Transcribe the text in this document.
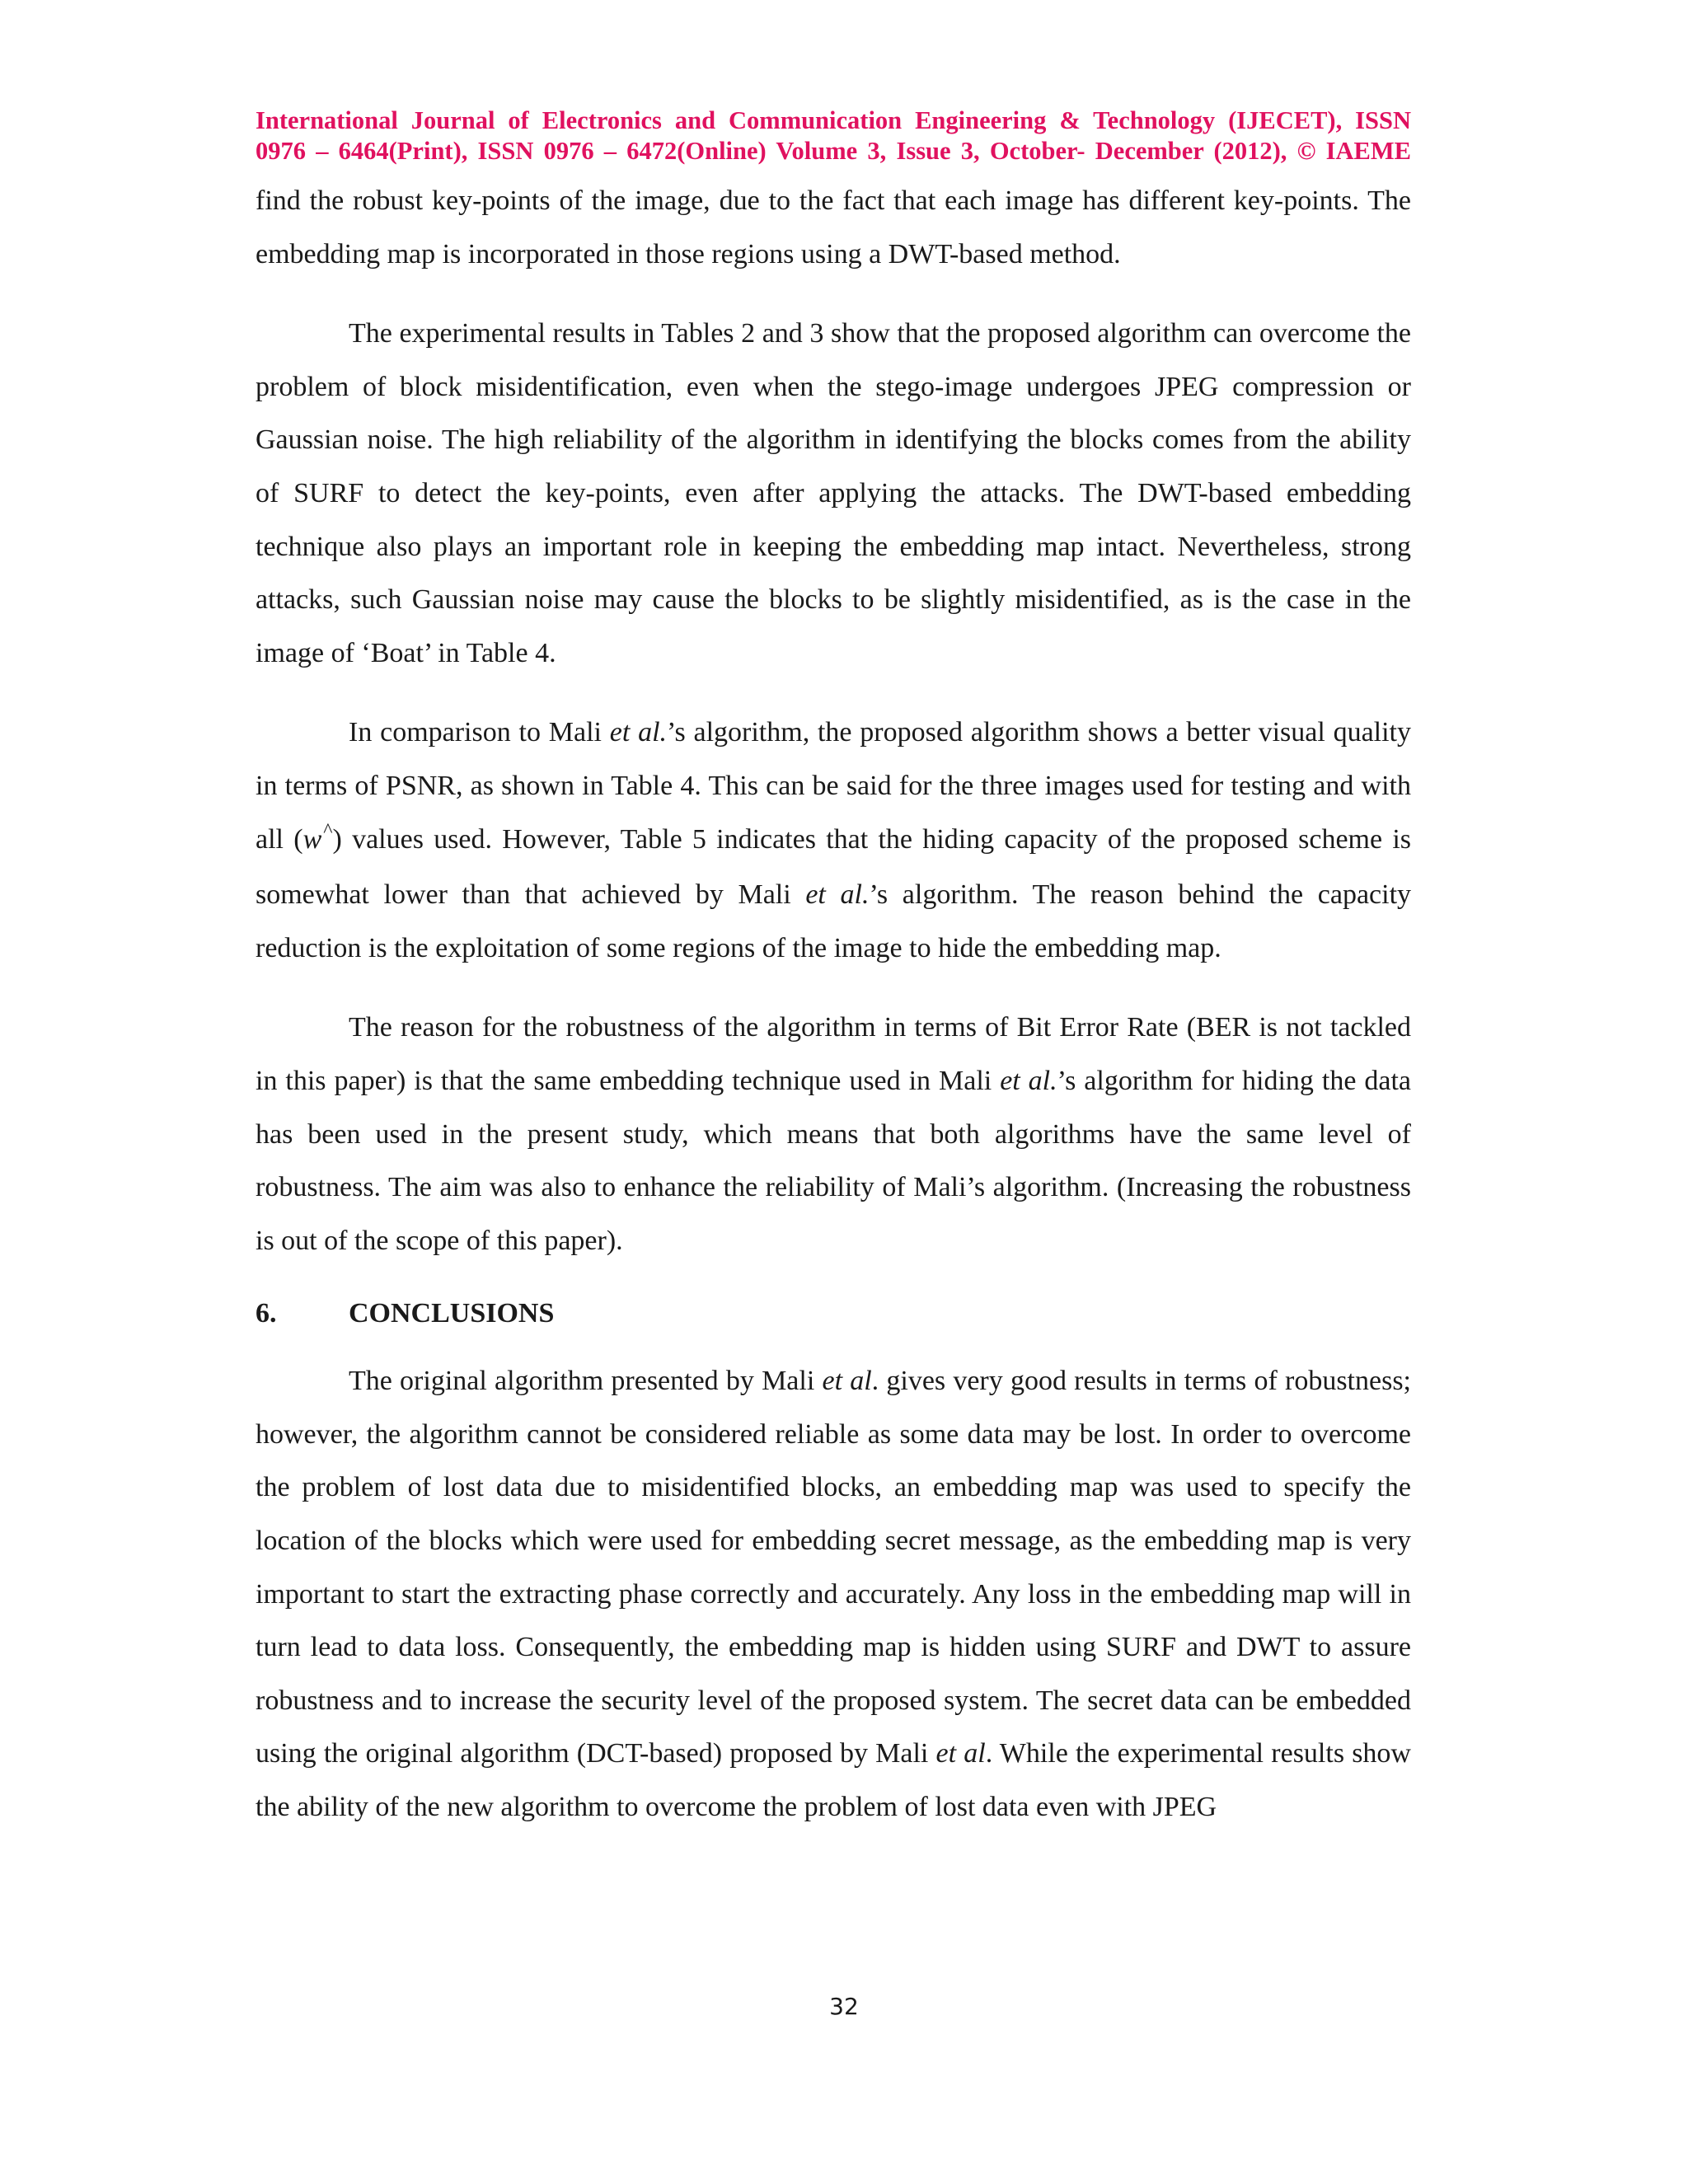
International Journal of Electronics and Communication Engineering & Technology (IJECET), ISSN
0976 – 6464(Print), ISSN 0976 – 6472(Online) Volume 3, Issue 3, October- December (2012), © IAEME

find the robust key-points of the image, due to the fact that each image has different key-points. The embedding map is incorporated in those regions using a DWT-based method.

The experimental results in Tables 2 and 3 show that the proposed algorithm can overcome the problem of block misidentification, even when the stego-image undergoes JPEG compression or Gaussian noise. The high reliability of the algorithm in identifying the blocks comes from the ability of SURF to detect the key-points, even after applying the attacks. The DWT-based embedding technique also plays an important role in keeping the embedding map intact. Nevertheless, strong attacks, such Gaussian noise may cause the blocks to be slightly misidentified, as is the case in the image of ‘Boat’ in Table 4.

In comparison to Mali et al.’s algorithm, the proposed algorithm shows a better visual quality in terms of PSNR, as shown in Table 4. This can be said for the three images used for testing and with all (w^) values used. However, Table 5 indicates that the hiding capacity of the proposed scheme is somewhat lower than that achieved by Mali et al.’s algorithm. The reason behind the capacity reduction is the exploitation of some regions of the image to hide the embedding map.

The reason for the robustness of the algorithm in terms of Bit Error Rate (BER is not tackled in this paper) is that the same embedding technique used in Mali et al.’s algorithm for hiding the data has been used in the present study, which means that both algorithms have the same level of robustness. The aim was also to enhance the reliability of Mali’s algorithm. (Increasing the robustness is out of the scope of this paper).

6.	CONCLUSIONS

The original algorithm presented by Mali et al. gives very good results in terms of robustness; however, the algorithm cannot be considered reliable as some data may be lost. In order to overcome the problem of lost data due to misidentified blocks, an embedding map was used to specify the location of the blocks which were used for embedding secret message, as the embedding map is very important to start the extracting phase correctly and accurately. Any loss in the embedding map will in turn lead to data loss. Consequently, the embedding map is hidden using SURF and DWT to assure robustness and to increase the security level of the proposed system. The secret data can be embedded using the original algorithm (DCT-based) proposed by Mali et al. While the experimental results show the ability of the new algorithm to overcome the problem of lost data even with JPEG

32
